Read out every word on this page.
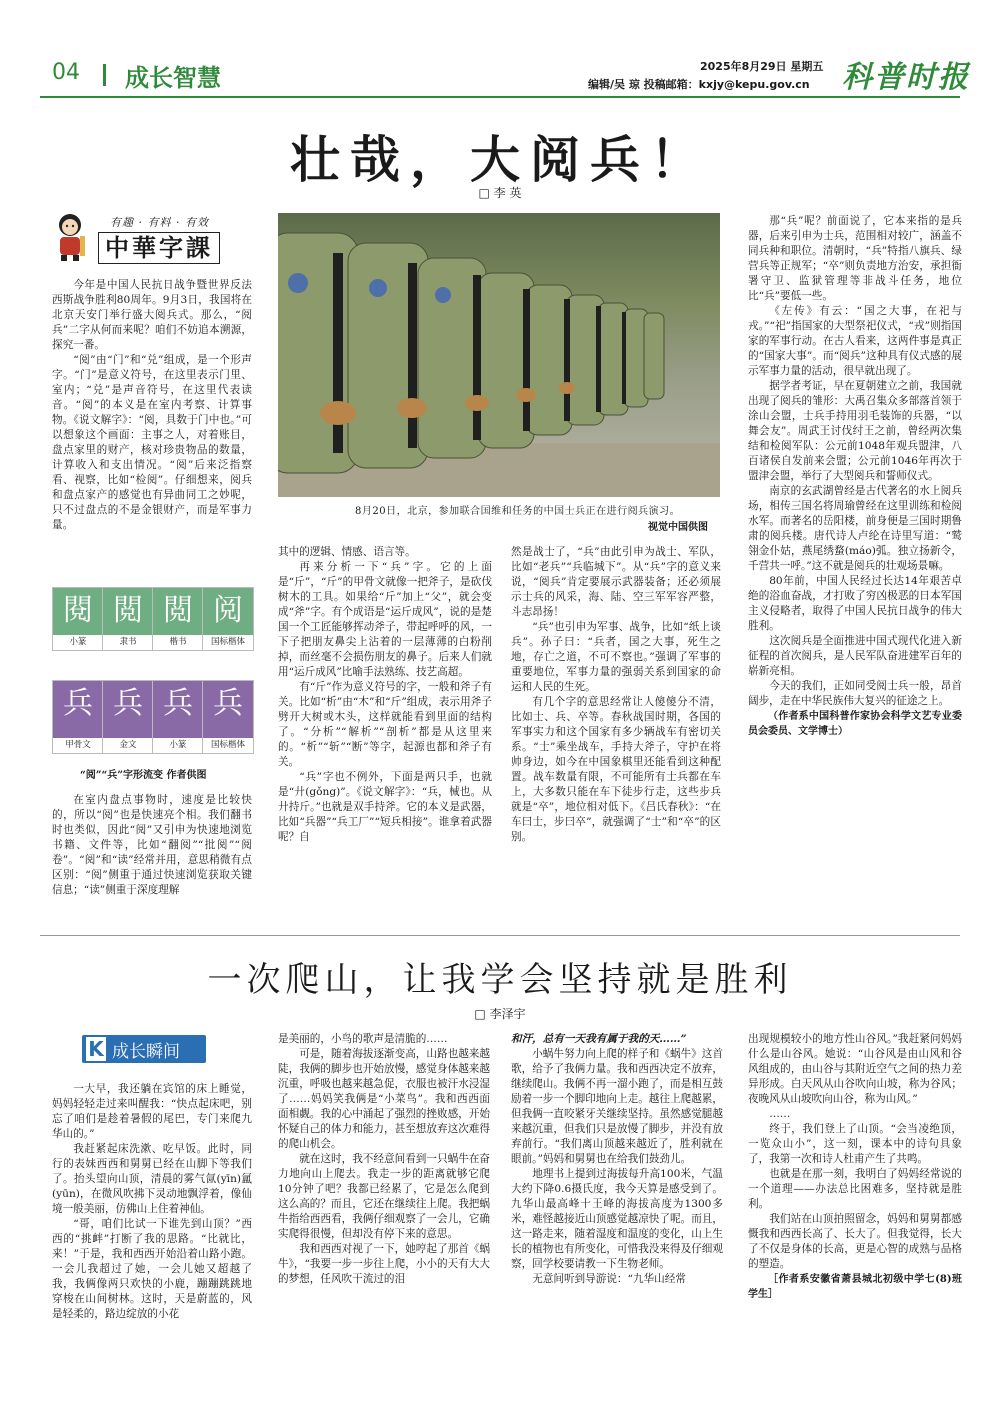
04 成长智慧	2025年8月29日 星期五
编辑/吴 琼 投稿邮箱：kxjy@kepu.gov.cn 科普时报
壮哉，大阅兵！
□ 李 英
有趣 · 有料 · 有效
中華字課

今年是中国人民抗日战争暨世界反法西斯战争胜利80周年。9月3日，我国将在北京天安门举行盛大阅兵式。那么，“阅兵”二字从何而来呢？咱们不妨追本溯源，探究一番。

“阅”由“门”和“兑”组成，是一个形声字。“门”是意义符号，在这里表示门里、室内；“兑”是声音符号，在这里代表读音。“阅”的本义是在室内考察、计算事物。《说文解字》：“阅，具数于门中也。”可以想象这个画面：主事之人，对着账目，盘点家里的财产，核对珍贵物品的数量，计算收入和支出情况。“阅”后来泛指察看、视察，比如“检阅”。仔细想来，阅兵和盘点家产的感觉也有异曲同工之妙呢，只不过盘点的不是金银财产，而是军事力量。

閱
小篆
閲
隶书
閲
楷书
阅
国标楷体
兵
甲骨文
兵
金文
兵
小篆
兵
国标楷体
“阅”“兵”字形流变 作者供图

在室内盘点事物时，速度是比较快的，所以“阅”也是快速亮个相。我们翻书时也类似，因此“阅”又引申为快速地浏览书籍、文件等，比如“翻阅”“批阅”“阅卷”。“阅”和“读”经常并用，意思稍微有点区别：“阅”侧重于通过快速浏览获取关键信息；“读”侧重于深度理解

8月20日，北京，参加联合国维和任务的中国士兵正在进行阅兵演习。
视觉中国供图

其中的逻辑、情感、语言等。

再来分析一下“兵”字。它的上面是“斤”，“斤”的甲骨文就像一把斧子，是砍伐树木的工具。如果给“斤”加上“父”，就会变成“斧”字。有个成语是“运斤成风”，说的是楚国一个工匠能够挥动斧子，带起呼呼的风，一下子把朋友鼻尖上沾着的一层薄薄的白粉削掉，而丝毫不会损伤朋友的鼻子。后来人们就用“运斤成风”比喻手法熟练、技艺高超。

有“斤”作为意义符号的字，一般和斧子有关。比如“析”由“木”和“斤”组成，表示用斧子劈开大树或木头，这样就能看到里面的结构了。“分析”“解析”“剖析”都是从这里来的。“析”“斩”“断”等字，起源也都和斧子有关。

“兵”字也不例外，下面是两只手，也就是“廾(gǒng)”。《说文解字》：“兵，械也。从廾持斤。”也就是双手持斧。它的本义是武器，比如“兵器”“兵工厂”“短兵相接”。谁拿着武器呢？自

然是战士了，“兵”由此引申为战士、军队，比如“老兵”“兵临城下”。从“兵”字的意义来说，“阅兵”肯定要展示武器装备；还必须展示士兵的风采，海、陆、空三军军容严整，斗志昂扬！

“兵”也引申为军事、战争，比如“纸上谈兵”。孙子曰：“兵者，国之大事，死生之地，存亡之道，不可不察也。”强调了军事的重要地位，军事力量的强弱关系到国家的命运和人民的生死。

有几个字的意思经常让人傻傻分不清，比如士、兵、卒等。春秋战国时期，各国的军事实力和这个国家有多少辆战车有密切关系。“士”乘坐战车，手持大斧子，守护在将帅身边，如今在中国象棋里还能看到这种配置。战车数量有限，不可能所有士兵都在车上，大多数只能在车下徒步行走，这些步兵就是“卒”，地位相对低下。《吕氏春秋》：“在车曰士，步曰卒”，就强调了“士”和“卒”的区别。

那“兵”呢？前面说了，它本来指的是兵器，后来引申为士兵，范围相对较广，涵盖不同兵种和职位。清朝时，“兵”特指八旗兵、绿营兵等正规军；“卒”则负责地方治安，承担衙署守卫、监狱管理等非战斗任务，地位比“兵”要低一些。

《左传》有云：“国之大事，在祀与戎。”“祀”指国家的大型祭祀仪式，“戎”则指国家的军事行动。在古人看来，这两件事是真正的“国家大事”。而“阅兵”这种具有仪式感的展示军事力量的活动，很早就出现了。

据学者考证，早在夏朝建立之前，我国就出现了阅兵的雏形：大禹召集众多部落首领于涂山会盟，士兵手持用羽毛装饰的兵器，“以舞会友”。周武王讨伐纣王之前，曾经两次集结和检阅军队：公元前1048年观兵盟津，八百诸侯自发前来会盟；公元前1046年再次于盟津会盟，举行了大型阅兵和誓师仪式。

南京的玄武湖曾经是古代著名的水上阅兵场，相传三国名将周瑜曾经在这里训练和检阅水军。而著名的岳阳楼，前身便是三国时期鲁肃的阅兵楼。唐代诗人卢纶在诗里写道：“鹫翎金仆姑，燕尾绣蝥(máo)弧。独立扬新令，千营共一呼。”这不就是阅兵的壮观场景嘛。

80年前，中国人民经过长达14年艰苦卓绝的浴血奋战，才打败了穷凶极恶的日本军国主义侵略者，取得了中国人民抗日战争的伟大胜利。

这次阅兵是全面推进中国式现代化进入新征程的首次阅兵，是人民军队奋进建军百年的崭新亮相。

今天的我们，正如同受阅士兵一般，昂首阔步，走在中华民族伟大复兴的征途之上。

（作者系中国科普作家协会科学文艺专业委员会委员、文学博士）

一次爬山，让我学会坚持就是胜利
□ 李泽宇
K 成长瞬间

一大早，我还躺在宾馆的床上睡觉，妈妈轻轻走过来叫醒我：“快点起床吧，别忘了咱们是趁着暑假的尾巴，专门来爬九华山的。”

我赶紧起床洗漱、吃早饭。此时，同行的表妹西西和舅舅已经在山脚下等我们了。抬头望向山顶，清晨的雾气氤(yīn)氲(yūn)，在微风吹拂下灵动地飘浮着，像仙境一般美丽，仿佛山上住着神仙。

“哥，咱们比试一下谁先到山顶？”西西的“挑衅”打断了我的思路。“比就比，来！”于是，我和西西开始沿着山路小跑。一会儿我超过了她，一会儿她又超越了我，我俩像两只欢快的小鹿，蹦蹦跳跳地穿梭在山间树林。这时，天是蔚蓝的，风是轻柔的，路边绽放的小花

是美丽的，小鸟的歌声是清脆的……

可是，随着海拔逐渐变高，山路也越来越陡，我俩的脚步也开始放慢，感觉身体越来越沉重，呼吸也越来越急促，衣服也被汗水浸湿了……妈妈笑我俩是“小菜鸟”。我和西西面面相觑。我的心中涌起了强烈的挫败感，开始怀疑自己的体力和能力，甚至想放弃这次难得的爬山机会。

就在这时，我不经意间看到一只蜗牛在奋力地向山上爬去。我走一步的距离就够它爬10分钟了吧？我都已经累了，它是怎么爬到这么高的？而且，它还在继续往上爬。我把蜗牛指给西西看，我俩仔细观察了一会儿，它确实爬得很慢，但却没有停下来的意思。

我和西西对视了一下，她哼起了那首《蜗牛》，“我要一步一步往上爬，小小的天有大大的梦想，任风吹干流过的泪

和汗，总有一天我有属于我的天……”

小蜗牛努力向上爬的样子和《蜗牛》这首歌，给予了我俩力量。我和西西决定不放弃，继续爬山。我俩不再一溜小跑了，而是相互鼓励着一步一个脚印地向上走。越往上爬越累，但我俩一直咬紧牙关继续坚持。虽然感觉腿越来越沉重，但我们只是放慢了脚步，并没有放弃前行。“我们离山顶越来越近了，胜利就在眼前。”妈妈和舅舅也在给我们鼓劲儿。

地理书上提到过海拔每升高100米，气温大约下降0.6摄氏度，我今天算是感受到了。九华山最高峰十王峰的海拔高度为1300多米，难怪越接近山顶感觉越凉快了呢。而且，这一路走来，随着湿度和温度的变化，山上生长的植物也有所变化，可惜我没来得及仔细观察，回学校要请教一下生物老师。

无意间听到导游说：“九华山经常

出现规模较小的地方性山谷风。”我赶紧问妈妈什么是山谷风。她说：“山谷风是由山风和谷风组成的，由山谷与其附近空气之间的热力差异形成。白天风从山谷吹向山坡，称为谷风；夜晚风从山坡吹向山谷，称为山风。”

……

终于，我们登上了山顶。“会当凌绝顶，一览众山小”，这一刻，课本中的诗句具象了，我第一次和诗人杜甫产生了共鸣。

也就是在那一刻，我明白了妈妈经常说的一个道理——办法总比困难多，坚持就是胜利。

我们站在山顶拍照留念，妈妈和舅舅都感慨我和西西长高了、长大了。但我觉得，长大了不仅是身体的长高，更是心智的成熟与品格的塑造。

［作者系安徽省萧县城北初级中学七(8)班学生］
